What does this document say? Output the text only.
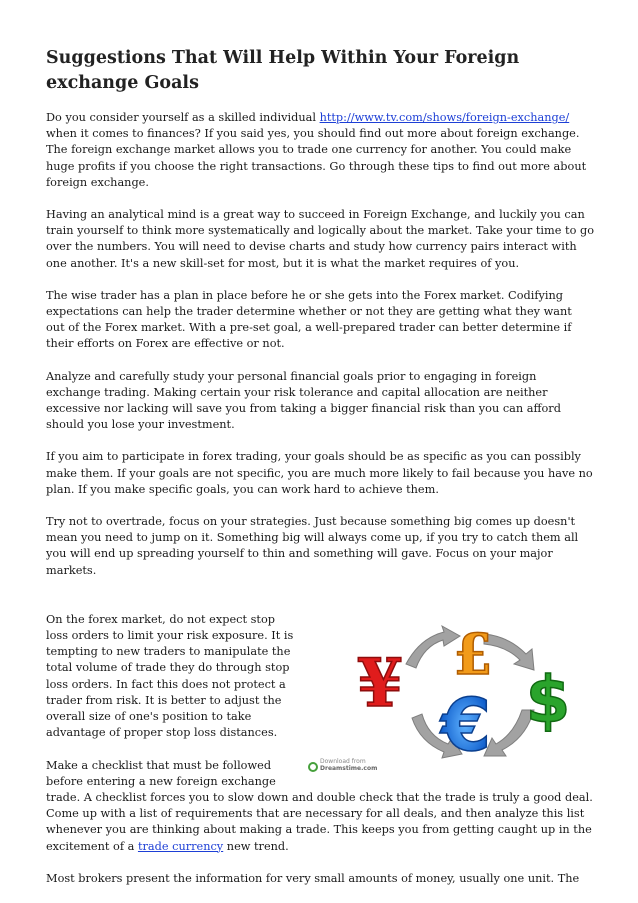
Suggestions That Will Help Within Your Foreign exchange Goals

Do you consider yourself as a skilled individual http://www.tv.com/shows/foreign-exchange/ when it comes to finances? If you said yes, you should find out more about foreign exchange. The foreign exchange market allows you to trade one currency for another. You could make huge profits if you choose the right transactions. Go through these tips to find out more about foreign exchange.

Having an analytical mind is a great way to succeed in Foreign Exchange, and luckily you can train yourself to think more systematically and logically about the market. Take your time to go over the numbers. You will need to devise charts and study how currency pairs interact with one another. It's a new skill-set for most, but it is what the market requires of you.

The wise trader has a plan in place before he or she gets into the Forex market. Codifying expectations can help the trader determine whether or not they are getting what they want out of the Forex market. With a pre-set goal, a well-prepared trader can better determine if their efforts on Forex are effective or not.

Analyze and carefully study your personal financial goals prior to engaging in foreign exchange trading. Making certain your risk tolerance and capital allocation are neither excessive nor lacking will save you from taking a bigger financial risk than you can afford should you lose your investment.

If you aim to participate in forex trading, your goals should be as specific as you can possibly make them. If your goals are not specific, you are much more likely to fail because you have no plan. If you make specific goals, you can work hard to achieve them.

Try not to overtrade, focus on your strategies. Just because something big comes up doesn't mean you need to jump on it. Something big will always come up, if you try to catch them all you will end up spreading yourself to thin and something will gave. Focus on your major markets.

¥ £
€ $
Download from
Dreamstime.com

On the forex market, do not expect stop loss orders to limit your risk exposure. It is tempting to new traders to manipulate the total volume of trade they do through stop loss orders. In fact this does not protect a trader from risk. It is better to adjust the overall size of one's position to take advantage of proper stop loss distances.

Make a checklist that must be followed before entering a new foreign exchange trade. A checklist forces you to slow down and double check that the trade is truly a good deal. Come up with a list of requirements that are necessary for all deals, and then analyze this list whenever you are thinking about making a trade. This keeps you from getting caught up in the excitement of a trade currency new trend.

Most brokers present the information for very small amounts of money, usually one unit. The
